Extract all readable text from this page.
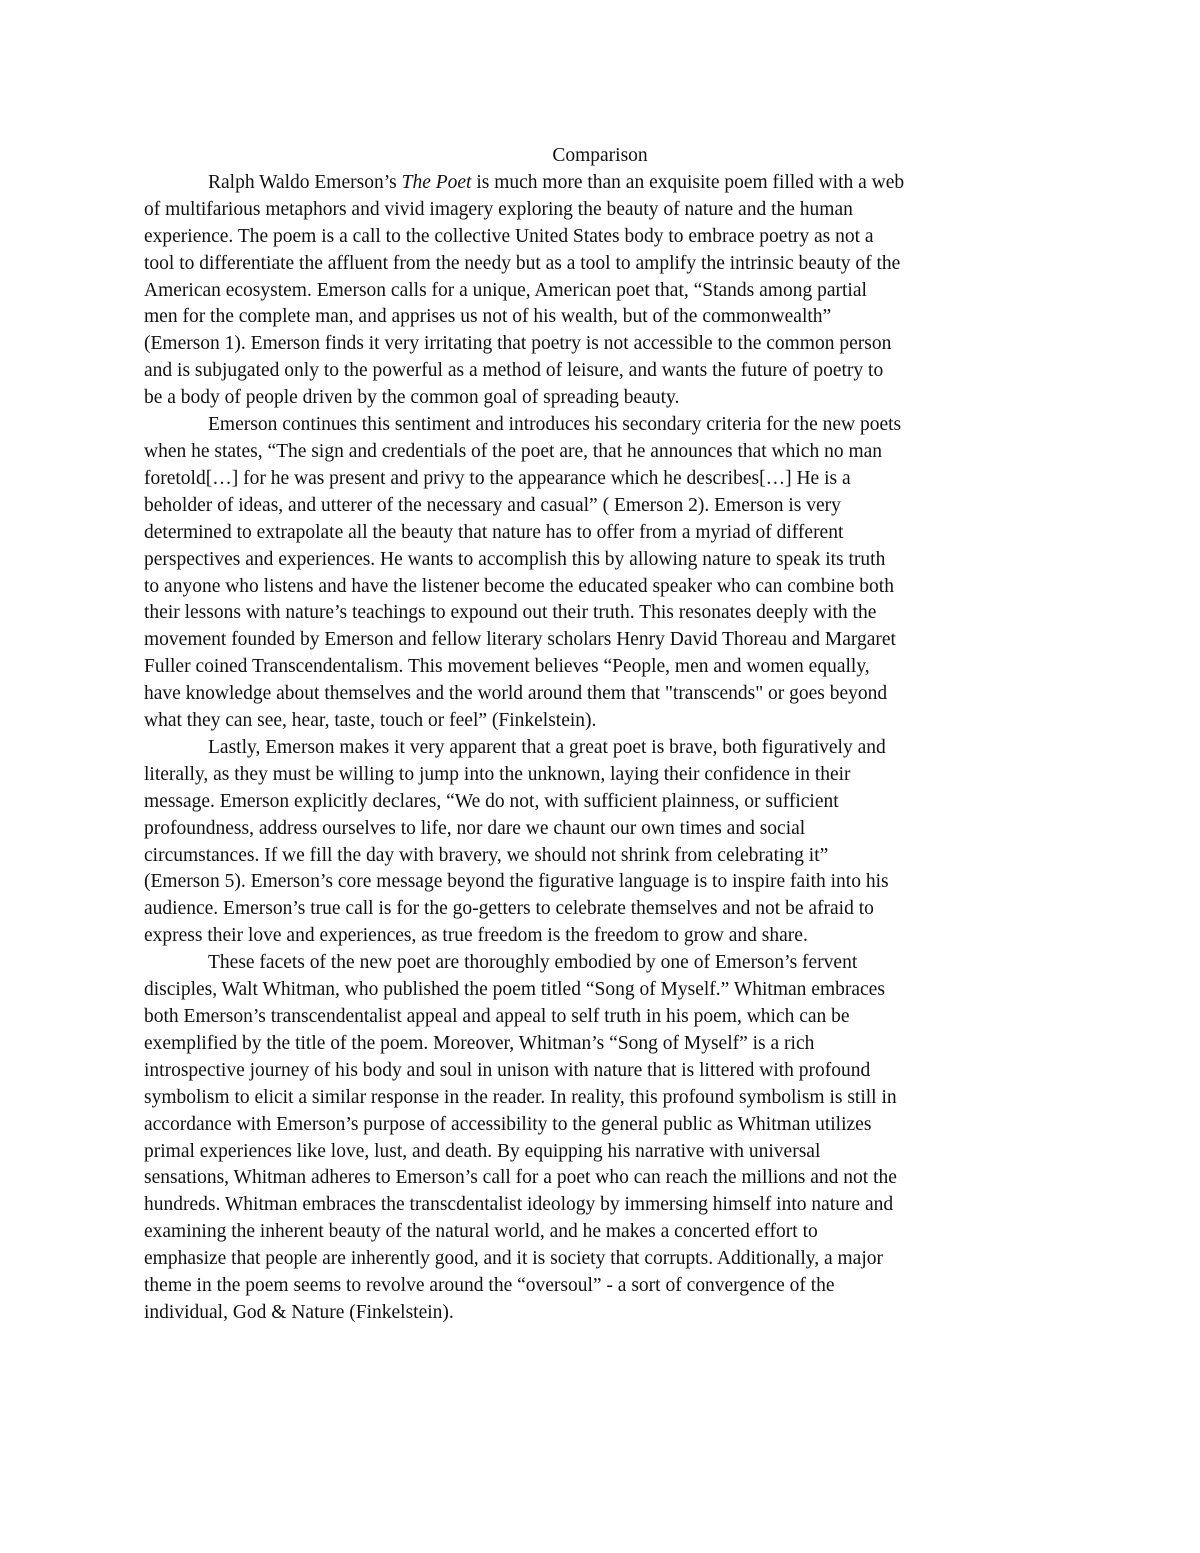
Comparison
Ralph Waldo Emerson’s The Poet is much more than an exquisite poem filled with a web
of multifarious metaphors and vivid imagery exploring the beauty of nature and the human
experience. The poem is a call to the collective United States body to embrace poetry as not a
tool to differentiate the affluent from the needy but as a tool to amplify the intrinsic beauty of the
American ecosystem. Emerson calls for a unique, American poet that, “Stands among partial
men for the complete man, and apprises us not of his wealth, but of the commonwealth”
(Emerson 1). Emerson finds it very irritating that poetry is not accessible to the common person
and is subjugated only to the powerful as a method of leisure, and wants the future of poetry to
be a body of people driven by the common goal of spreading beauty.
Emerson continues this sentiment and introduces his secondary criteria for the new poets
when he states, “The sign and credentials of the poet are, that he announces that which no man
foretold[…] for he was present and privy to the appearance which he describes[…] He is a
beholder of ideas, and utterer of the necessary and casual” ( Emerson 2). Emerson is very
determined to extrapolate all the beauty that nature has to offer from a myriad of different
perspectives and experiences. He wants to accomplish this by allowing nature to speak its truth
to anyone who listens and have the listener become the educated speaker who can combine both
their lessons with nature’s teachings to expound out their truth. This resonates deeply with the
movement founded by Emerson and fellow literary scholars Henry David Thoreau and Margaret
Fuller coined Transcendentalism. This movement believes “People, men and women equally,
have knowledge about themselves and the world around them that "transcends" or goes beyond
what they can see, hear, taste, touch or feel” (Finkelstein).
Lastly, Emerson makes it very apparent that a great poet is brave, both figuratively and
literally, as they must be willing to jump into the unknown, laying their confidence in their
message. Emerson explicitly declares, “We do not, with sufficient plainness, or sufficient
profoundness, address ourselves to life, nor dare we chaunt our own times and social
circumstances. If we fill the day with bravery, we should not shrink from celebrating it”
(Emerson 5). Emerson’s core message beyond the figurative language is to inspire faith into his
audience. Emerson’s true call is for the go-getters to celebrate themselves and not be afraid to
express their love and experiences, as true freedom is the freedom to grow and share.
These facets of the new poet are thoroughly embodied by one of Emerson’s fervent
disciples, Walt Whitman, who published the poem titled “Song of Myself.” Whitman embraces
both Emerson’s transcendentalist appeal and appeal to self truth in his poem, which can be
exemplified by the title of the poem. Moreover, Whitman’s “Song of Myself” is a rich
introspective journey of his body and soul in unison with nature that is littered with profound
symbolism to elicit a similar response in the reader. In reality, this profound symbolism is still in
accordance with Emerson’s purpose of accessibility to the general public as Whitman utilizes
primal experiences like love, lust, and death. By equipping his narrative with universal
sensations, Whitman adheres to Emerson’s call for a poet who can reach the millions and not the
hundreds. Whitman embraces the transcdentalist ideology by immersing himself into nature and
examining the inherent beauty of the natural world, and he makes a concerted effort to
emphasize that people are inherently good, and it is society that corrupts. Additionally, a major
theme in the poem seems to revolve around the “oversoul” - a sort of convergence of the
individual, God & Nature (Finkelstein).
